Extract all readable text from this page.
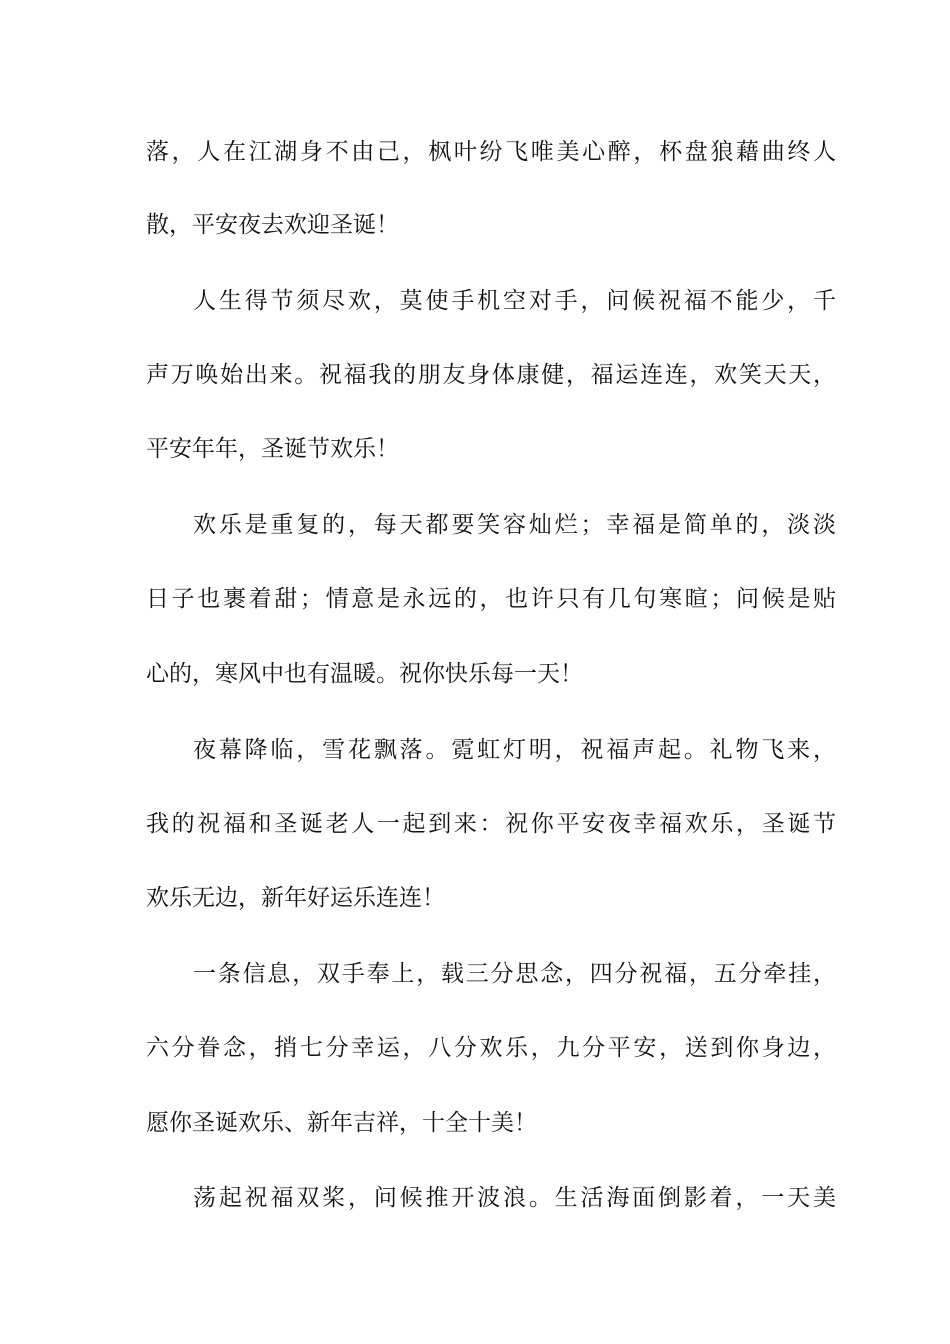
落，人在江湖身不由己，枫叶纷飞唯美心醉，杯盘狼藉曲终人
散，平安夜去欢迎圣诞！
人生得节须尽欢，莫使手机空对手，问候祝福不能少，千
声万唤始出来。祝福我的朋友身体康健，福运连连，欢笑天天，
平安年年，圣诞节欢乐！
欢乐是重复的，每天都要笑容灿烂；幸福是简单的，淡淡
日子也裹着甜；情意是永远的，也许只有几句寒暄；问候是贴
心的，寒风中也有温暖。祝你快乐每一天！
夜幕降临，雪花飘落。霓虹灯明，祝福声起。礼物飞来，
我的祝福和圣诞老人一起到来：祝你平安夜幸福欢乐，圣诞节
欢乐无边，新年好运乐连连！
一条信息，双手奉上，载三分思念，四分祝福，五分牵挂，
六分眷念，捎七分幸运，八分欢乐，九分平安，送到你身边，
愿你圣诞欢乐、新年吉祥，十全十美！
荡起祝福双桨，问候推开波浪。生活海面倒影着，一天美
